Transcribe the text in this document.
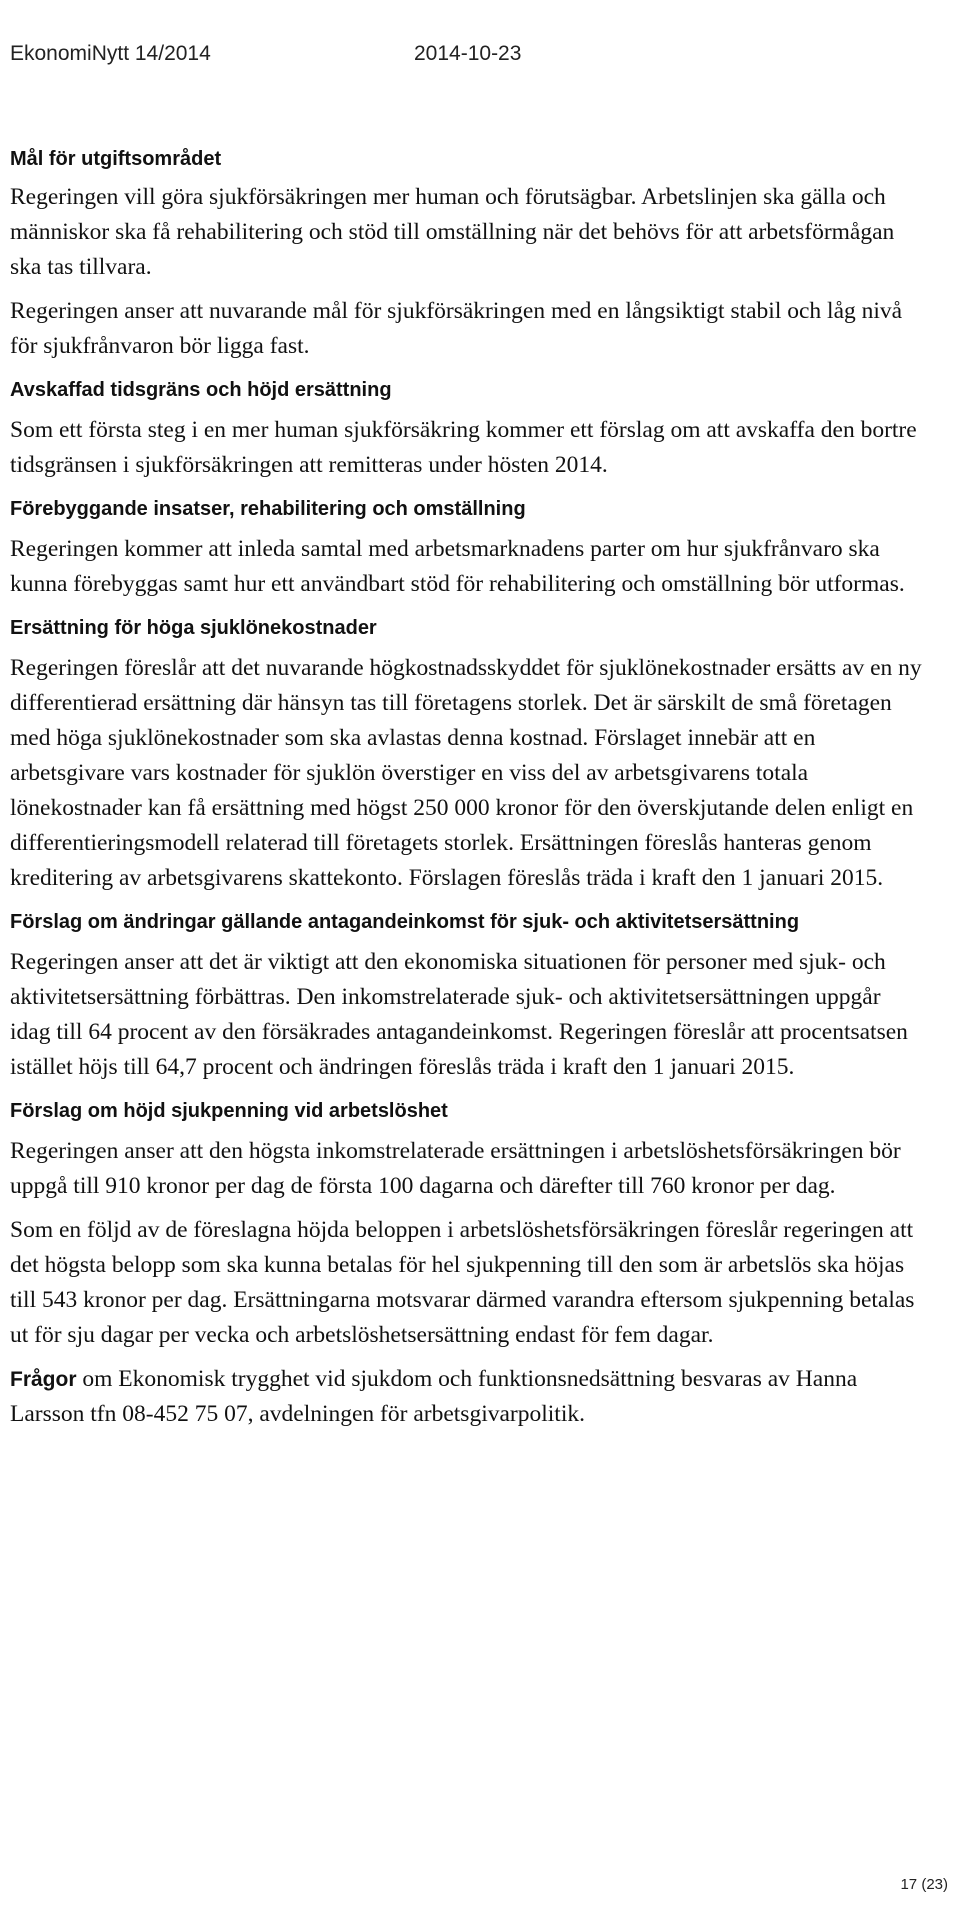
EkonomiNytt 14/2014	2014-10-23
Mål för utgiftsområdet

Regeringen vill göra sjukförsäkringen mer human och förutsägbar. Arbetslinjen ska gälla och människor ska få rehabilitering och stöd till omställning när det behövs för att arbetsförmågan ska tas tillvara.

Regeringen anser att nuvarande mål för sjukförsäkringen med en långsiktigt stabil och låg nivå för sjukfrånvaron bör ligga fast.

Avskaffad tidsgräns och höjd ersättning

Som ett första steg i en mer human sjukförsäkring kommer ett förslag om att avskaffa den bortre tidsgränsen i sjukförsäkringen att remitteras under hösten 2014.

Förebyggande insatser, rehabilitering och omställning

Regeringen kommer att inleda samtal med arbetsmarknadens parter om hur sjukfrånvaro ska kunna förebyggas samt hur ett användbart stöd för rehabilitering och omställning bör utformas.

Ersättning för höga sjuklönekostnader

Regeringen föreslår att det nuvarande högkostnadsskyddet för sjuklönekostnader ersätts av en ny differentierad ersättning där hänsyn tas till företagens storlek. Det är särskilt de små företagen med höga sjuklönekostnader som ska avlastas denna kostnad. Förslaget innebär att en arbetsgivare vars kostnader för sjuklön överstiger en viss del av arbetsgivarens totala lönekostnader kan få ersättning med högst 250 000 kronor för den överskjutande delen enligt en differentieringsmodell relaterad till företagets storlek. Ersättningen föreslås hanteras genom kreditering av arbetsgivarens skattekonto. Förslagen föreslås träda i kraft den 1 januari 2015.

Förslag om ändringar gällande antagandeinkomst för sjuk- och aktivitetsersättning

Regeringen anser att det är viktigt att den ekonomiska situationen för personer med sjuk- och aktivitetsersättning förbättras. Den inkomstrelaterade sjuk- och aktivitetsersättningen uppgår idag till 64 procent av den försäkrades antagandeinkomst. Regeringen föreslår att procentsatsen istället höjs till 64,7 procent och ändringen föreslås träda i kraft den 1 januari 2015.

Förslag om höjd sjukpenning vid arbetslöshet

Regeringen anser att den högsta inkomstrelaterade ersättningen i arbetslöshetsförsäkringen bör uppgå till 910 kronor per dag de första 100 dagarna och därefter till 760 kronor per dag.

Som en följd av de föreslagna höjda beloppen i arbetslöshetsförsäkringen föreslår regeringen att det högsta belopp som ska kunna betalas för hel sjukpenning till den som är arbetslös ska höjas till 543 kronor per dag. Ersättningarna motsvarar därmed varandra eftersom sjukpenning betalas ut för sju dagar per vecka och arbetslöshetsersättning endast för fem dagar.

Frågor om Ekonomisk trygghet vid sjukdom och funktionsnedsättning besvaras av Hanna Larsson tfn 08-452 75 07, avdelningen för arbetsgivarpolitik.

17 (23)
